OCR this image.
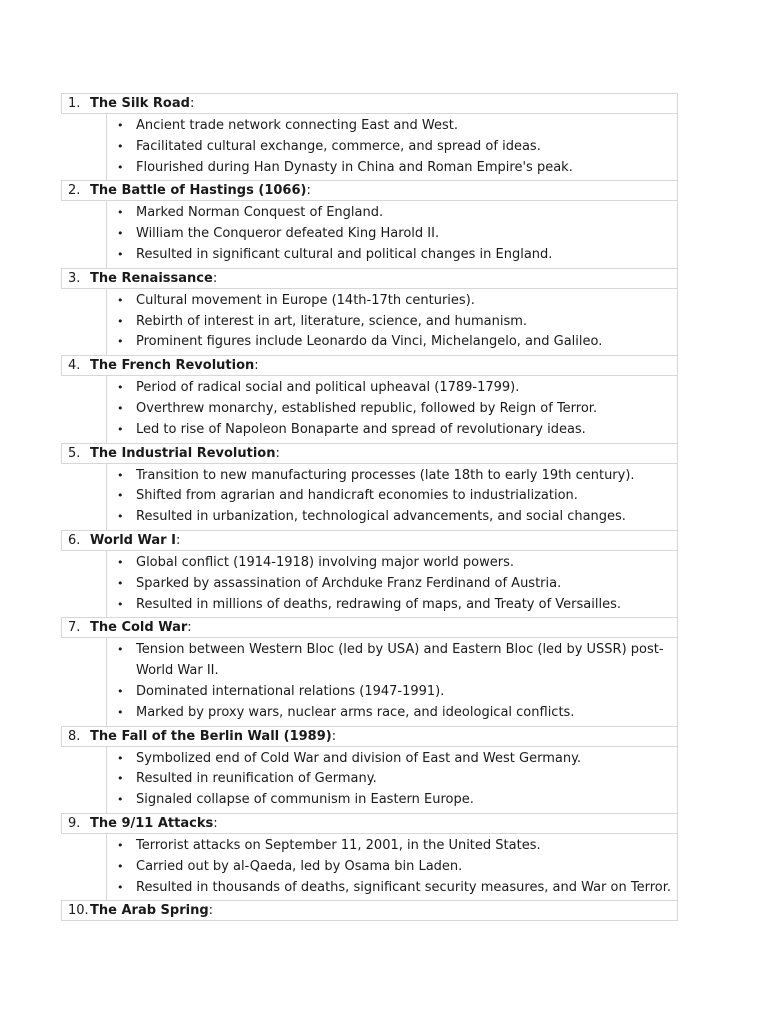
1. The Silk Road:
• Ancient trade network connecting East and West.
• Facilitated cultural exchange, commerce, and spread of ideas.
• Flourished during Han Dynasty in China and Roman Empire's peak.
2. The Battle of Hastings (1066):
• Marked Norman Conquest of England.
• William the Conqueror defeated King Harold II.
• Resulted in significant cultural and political changes in England.
3. The Renaissance:
• Cultural movement in Europe (14th-17th centuries).
• Rebirth of interest in art, literature, science, and humanism.
• Prominent figures include Leonardo da Vinci, Michelangelo, and Galileo.
4. The French Revolution:
• Period of radical social and political upheaval (1789-1799).
• Overthrew monarchy, established republic, followed by Reign of Terror.
• Led to rise of Napoleon Bonaparte and spread of revolutionary ideas.
5. The Industrial Revolution:
• Transition to new manufacturing processes (late 18th to early 19th century).
• Shifted from agrarian and handicraft economies to industrialization.
• Resulted in urbanization, technological advancements, and social changes.
6. World War I:
• Global conflict (1914-1918) involving major world powers.
• Sparked by assassination of Archduke Franz Ferdinand of Austria.
• Resulted in millions of deaths, redrawing of maps, and Treaty of Versailles.
7. The Cold War:
• Tension between Western Bloc (led by USA) and Eastern Bloc (led by USSR) post-World War II.
• Dominated international relations (1947-1991).
• Marked by proxy wars, nuclear arms race, and ideological conflicts.
8. The Fall of the Berlin Wall (1989):
• Symbolized end of Cold War and division of East and West Germany.
• Resulted in reunification of Germany.
• Signaled collapse of communism in Eastern Europe.
9. The 9/11 Attacks:
• Terrorist attacks on September 11, 2001, in the United States.
• Carried out by al-Qaeda, led by Osama bin Laden.
• Resulted in thousands of deaths, significant security measures, and War on Terror.
10. The Arab Spring:
